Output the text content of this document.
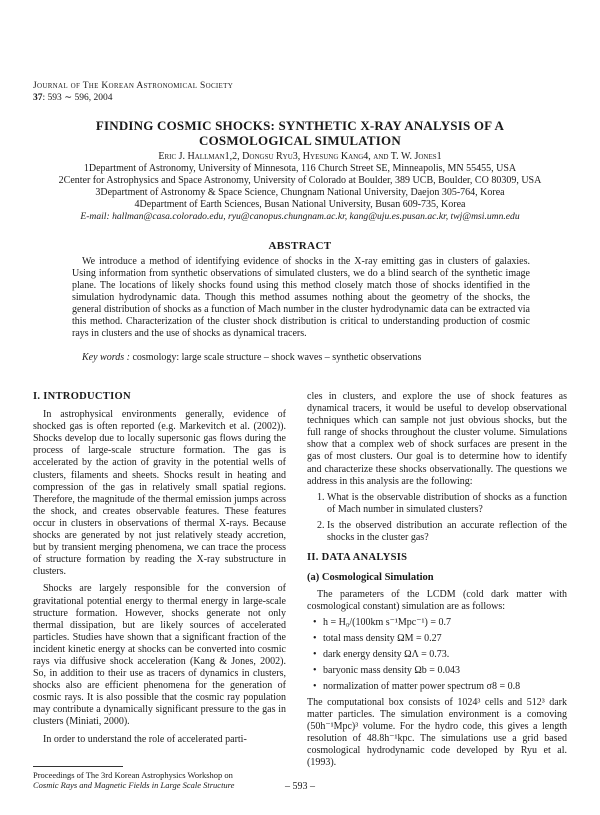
Journal of The Korean Astronomical Society
37: 593 ∼ 596, 2004
FINDING COSMIC SHOCKS: SYNTHETIC X-RAY ANALYSIS OF A COSMOLOGICAL SIMULATION
Eric J. Hallman1,2, Dongsu Ryu3, Hyesung Kang4, and T. W. Jones1
1Department of Astronomy, University of Minnesota, 116 Church Street SE, Minneapolis, MN 55455, USA
2Center for Astrophysics and Space Astronomy, University of Colorado at Boulder, 389 UCB, Boulder, CO 80309, USA
3Department of Astronomy & Space Science, Chungnam National University, Daejon 305-764, Korea
4Department of Earth Sciences, Busan National University, Busan 609-735, Korea
E-mail: hallman@casa.colorado.edu, ryu@canopus.chungnam.ac.kr, kang@uju.es.pusan.ac.kr, twj@msi.umn.edu
ABSTRACT
We introduce a method of identifying evidence of shocks in the X-ray emitting gas in clusters of galaxies. Using information from synthetic observations of simulated clusters, we do a blind search of the synthetic image plane. The locations of likely shocks found using this method closely match those of shocks identified in the simulation hydrodynamic data. Though this method assumes nothing about the geometry of the shocks, the general distribution of shocks as a function of Mach number in the cluster hydrodynamic data can be extracted via this method. Characterization of the cluster shock distribution is critical to understanding production of cosmic rays in clusters and the use of shocks as dynamical tracers.
Key words : cosmology: large scale structure – shock waves – synthetic observations
I. INTRODUCTION

In astrophysical environments generally, evidence of shocked gas is often reported (e.g. Markevitch et al. (2002)). Shocks develop due to locally supersonic gas flows during the process of large-scale structure formation. The gas is accelerated by the action of gravity in the potential wells of clusters, filaments and sheets. Shocks result in heating and compression of the gas in relatively small spatial regions. Therefore, the magnitude of the thermal emission jumps across the shock, and creates observable features. These features occur in clusters in observations of thermal X-rays. Because shocks are generated by not just relatively steady accretion, but by transient merging phenomena, we can trace the process of structure formation by reading the X-ray substructure in clusters.

Shocks are largely responsible for the conversion of gravitational potential energy to thermal energy in large-scale structure formation. However, shocks generate not only thermal dissipation, but are likely sources of accelerated particles. Studies have shown that a significant fraction of the incident kinetic energy at shocks can be converted into cosmic rays via diffusive shock acceleration (Kang & Jones, 2002). So, in addition to their use as tracers of dynamics in clusters, shocks also are efficient phenomena for the generation of cosmic rays. It is also possible that the cosmic ray population may contribute a dynamically significant pressure to the gas in clusters (Miniati, 2000).

In order to understand the role of accelerated parti-

cles in clusters, and explore the use of shock features as dynamical tracers, it would be useful to develop observational techniques which can sample not just obvious shocks, but the full range of shocks throughout the cluster volume. Simulations show that a complex web of shock surfaces are present in the gas of most clusters. Our goal is to determine how to identify and characterize these shocks observationally. The questions we address in this analysis are the following:

1. What is the observable distribution of shocks as a function of Mach number in simulated clusters?
2. Is the observed distribution an accurate reflection of the shocks in the cluster gas?
II. DATA ANALYSIS
(a) Cosmological Simulation

The parameters of the LCDM (cold dark matter with cosmological constant) simulation are as follows:

• h = H₀/(100km s⁻¹Mpc⁻¹) = 0.7
• total mass density ΩM = 0.27
• dark energy density ΩΛ = 0.73.
• baryonic mass density Ωb = 0.043
• normalization of matter power spectrum σ8 = 0.8

The computational box consists of 1024³ cells and 512³ dark matter particles. The simulation environment is a comoving (50h⁻¹Mpc)³ volume. For the hydro code, this gives a length resolution of 48.8h⁻¹kpc. The simulations use a grid based cosmological hydrodynamic code developed by Ryu et al. (1993).

Proceedings of The 3rd Korean Astrophysics Workshop on
Cosmic Rays and Magnetic Fields in Large Scale Structure	– 593 –
